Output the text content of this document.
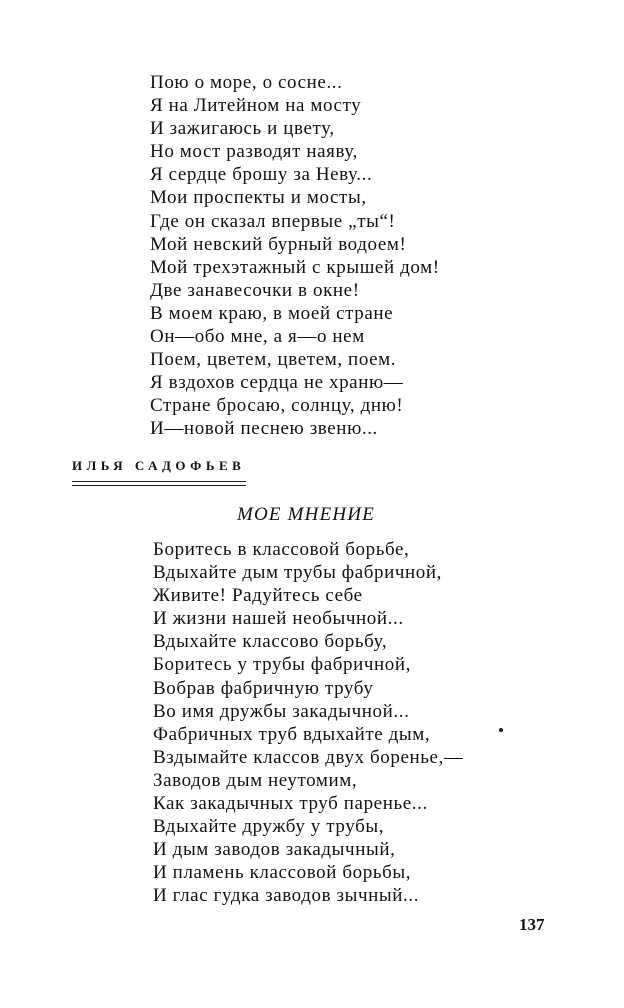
Пою о море, о сосне...
Я на Литейном на мосту
И зажигаюсь и цвету,
Но мост разводят наяву,
Я сердце брошу за Неву...
Мои проспекты и мосты,
Где он сказал впервые „ты“!
Мой невский бурный водоем!
Мой трехэтажный с крышей дом!
Две занавесочки в окне!
В моем краю, в моей стране
Он—обо мне, а я—о нем
Поем, цветем, цветем, поем.
Я вздохов сердца не храню—
Стране бросаю, солнцу, дню!
И—новой песнею звеню...
ИЛЬЯ САДОФЬЕВ
МОЕ МНЕНИЕ
Боритесь в классовой борьбе,
Вдыхайте дым трубы фабричной,
Живите! Радуйтесь себе
И жизни нашей необычной...
Вдыхайте классово борьбу,
Боритесь у трубы фабричной,
Вобрав фабричную трубу
Во имя дружбы закадычной...
Фабричных труб вдыхайте дым,
Вздымайте классов двух боренье,—
Заводов дым неутомим,
Как закадычных труб паренье...
Вдыхайте дружбу у трубы,
И дым заводов закадычный,
И пламень классовой борьбы,
И глас гудка заводов зычный...
137
